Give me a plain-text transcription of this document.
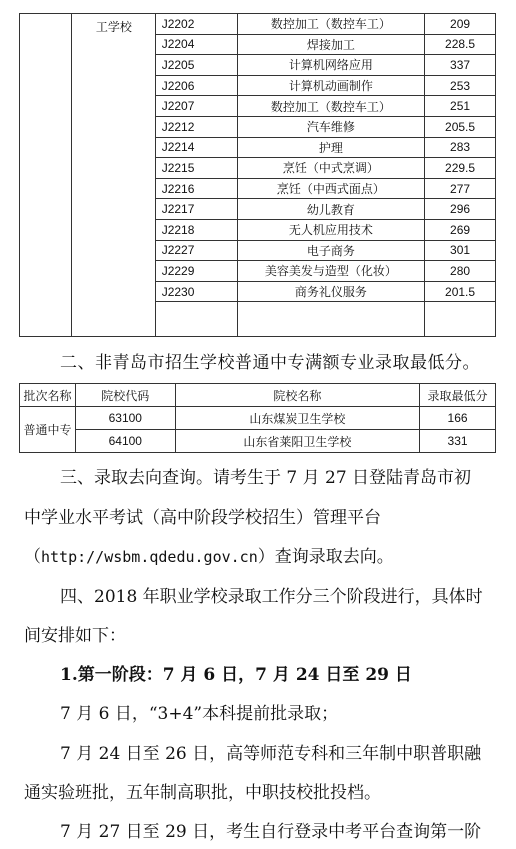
	工学校	J2202	数控加工（数控车工）	209
		J2204	焊接加工	228.5
		J2205	计算机网络应用	337
		J2206	计算机动画制作	253
		J2207	数控加工（数控车工）	251
		J2212	汽车维修	205.5
		J2214	护理	283
		J2215	烹饪（中式烹调）	229.5
		J2216	烹饪（中西式面点）	277
		J2217	幼儿教育	296
		J2218	无人机应用技术	269
		J2227	电子商务	301
		J2229	美容美发与造型（化妆）	280
		J2230	商务礼仪服务	201.5

二、非青岛市招生学校普通中专满额专业录取最低分。
批次名称	院校代码	院校名称	录取最低分
普通中专	63100	山东煤炭卫生学校	166
	64100	山东省莱阳卫生学校	331
三、录取去向查询。请考生于 7 月 27 日登陆青岛市初
中学业水平考试（高中阶段学校招生）管理平台
（http://wsbm.qdedu.gov.cn）查询录取去向。
四、2018 年职业学校录取工作分三个阶段进行，具体时
间安排如下：
1.第一阶段：7 月 6 日，7 月 24 日至 29 日
7 月 6 日，“3+4”本科提前批录取；
7 月 24 日至 26 日，高等师范专科和三年制中职普职融
通实验班批，五年制高职批，中职技校批投档。
7 月 27 日至 29 日，考生自行登录中考平台查询第一阶
